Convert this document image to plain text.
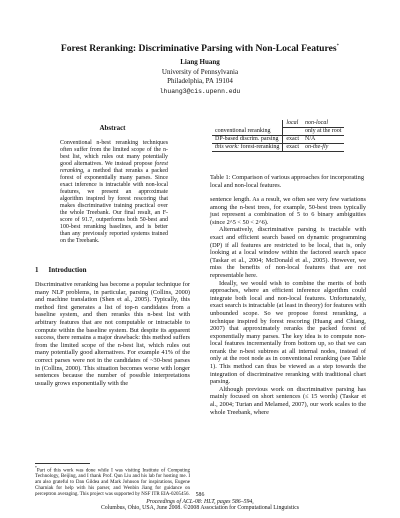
Forest Reranking: Discriminative Parsing with Non-Local Features*
Liang Huang
University of Pennsylvania
Philadelphia, PA 19104
lhuang3@cis.upenn.edu
Abstract

Conventional n-best reranking techniques often suffer from the limited scope of the n-best list, which rules out many potentially good alternatives. We instead propose forest reranking, a method that reranks a packed forest of exponentially many parses. Since exact inference is intractable with non-local features, we present an approximate algorithm inspired by forest rescoring that makes discriminative training practical over the whole Treebank. Our final result, an F-score of 91.7, outperforms both 50-best and 100-best reranking baselines, and is better than any previously reported systems trained on the Treebank.

1 Introduction

Discriminative reranking has become a popular technique for many NLP problems, in particular, parsing (Collins, 2000) and machine translation (Shen et al., 2005). Typically, this method first generates a list of top-n candidates from a baseline system, and then reranks this n-best list with arbitrary features that are not computable or intractable to compute within the baseline system. But despite its apparent success, there remains a major drawback: this method suffers from the limited scope of the n-best list, which rules out many potentially good alternatives. For example 41% of the correct parses were not in the candidates of ~30-best parses in (Collins, 2000). This situation becomes worse with longer sentences because the number of possible interpretations usually grows exponentially with the

*Part of this work was done while I was visiting Institute of Computing Technology, Beijing, and I thank Prof. Qun Liu and his lab for hosting me. I am also grateful to Dan Gildea and Mark Johnson for inspirations, Eugene Charniak for help with his parser, and Wenbin Jiang for guidance on perceptron averaging. This project was supported by NSF ITR EIA-0205456.
	local	non-local
conventional reranking		only at the root
DP-based discrim. parsing	exact	N/A
this work: forest-reranking	exact	on-the-fly
Table 1: Comparison of various approaches for incorporating local and non-local features.

sentence length. As a result, we often see very few variations among the n-best trees, for example, 50-best trees typically just represent a combination of 5 to 6 binary ambiguities (since 2^5 < 50 < 2^6).

Alternatively, discriminative parsing is tractable with exact and efficient search based on dynamic programming (DP) if all features are restricted to be local, that is, only looking at a local window within the factored search space (Taskar et al., 2004; McDonald et al., 2005). However, we miss the benefits of non-local features that are not representable here.

Ideally, we would wish to combine the merits of both approaches, where an efficient inference algorithm could integrate both local and non-local features. Unfortunately, exact search is intractable (at least in theory) for features with unbounded scope. So we propose forest reranking, a technique inspired by forest rescoring (Huang and Chiang, 2007) that approximately reranks the packed forest of exponentially many parses. The key idea is to compute non-local features incrementally from bottom up, so that we can rerank the n-best subtrees at all internal nodes, instead of only at the root node as in conventional reranking (see Table 1). This method can thus be viewed as a step towards the integration of discriminative reranking with traditional chart parsing.

Although previous work on discriminative parsing has mainly focused on short sentences (≤ 15 words) (Taskar et al., 2004; Turian and Melamed, 2007), our work scales to the whole Treebank, where

586
Proceedings of ACL-08: HLT, pages 586–594,
Columbus, Ohio, USA, June 2008. ©2008 Association for Computational Linguistics
